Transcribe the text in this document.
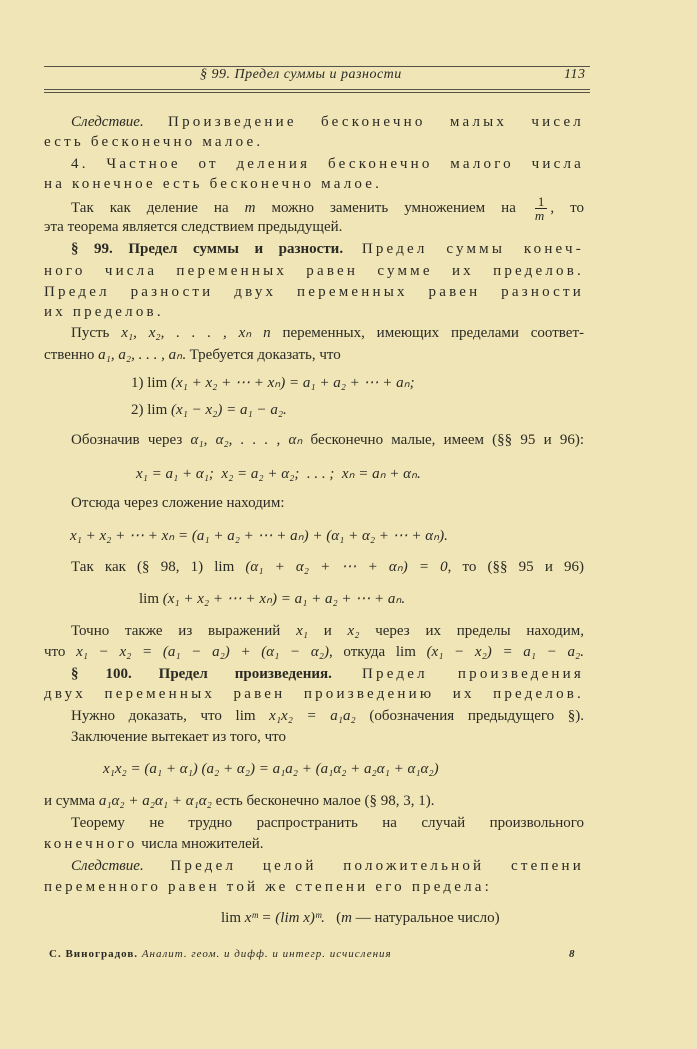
§ 99. Предел суммы и разности	113
Следствие. Произведение бесконечно малых чисел
есть бесконечно малое.
4. Частное от деления бесконечно малого числа
на конечное есть бесконечно малое.
Так как деление на m можно заменить умножением на $\frac{1}{m}$ , то
эта теорема является следствием предыдущей.
§ 99. Предел суммы и разности. Предел суммы конеч-
ного числа переменных равен сумме их пределов.
Предел разности двух переменных равен разности
их пределов.
Пусть x₁, x₂, . . . , xₙ n переменных, имеющих пределами соответ-
ственно a₁, a₂, . . . , aₙ. Требуется доказать, что
1) lim (x₁ + x₂ + ⋯ + xₙ) = a₁ + a₂ + ⋯ + aₙ;
2) lim (x₁ − x₂) = a₁ − a₂.
Обозначив через α₁, α₂, . . . , αₙ бесконечно малые, имеем (§§ 95 и 96):
x₁ = a₁ + α₁;  x₂ = a₂ + α₂;  . . . ;  xₙ = aₙ + αₙ.
Отсюда через сложение находим:
x₁ + x₂ + ⋯ + xₙ = (a₁ + a₂ + ⋯ + aₙ) + (α₁ + α₂ + ⋯ + αₙ).
Так как (§ 98, 1) lim (α₁ + α₂ + ⋯ + αₙ) = 0, то (§§ 95 и 96)
lim (x₁ + x₂ + ⋯ + xₙ) = a₁ + a₂ + ⋯ + aₙ.
Точно также из выражений x₁ и x₂ через их пределы находим,
что x₁ − x₂ = (a₁ − a₂) + (α₁ − α₂), откуда lim (x₁ − x₂) = a₁ − a₂.
§ 100. Предел произведения. Предел произведения
двух переменных равен произведению их пределов.
Нужно доказать, что lim x₁x₂ = a₁a₂ (обозначения предыдущего §).
Заключение вытекает из того, что
x₁x₂ = (a₁ + α₁) (a₂ + α₂) = a₁a₂ + (a₁α₂ + a₂α₁ + α₁α₂)
и сумма a₁α₂ + a₂α₁ + α₁α₂ есть бесконечно малое (§ 98, 3, 1).
Теорему не трудно распространить на случай произвольного
конечного числа множителей.
Следствие. Предел целой положительной степени
переменного равен той же степени его предела:
lim xᵐ = (lim x)ᵐ.   (m — натуральное число)
С. Виноградов. Аналит. геом. и дифф. и интегр. исчисления	8
